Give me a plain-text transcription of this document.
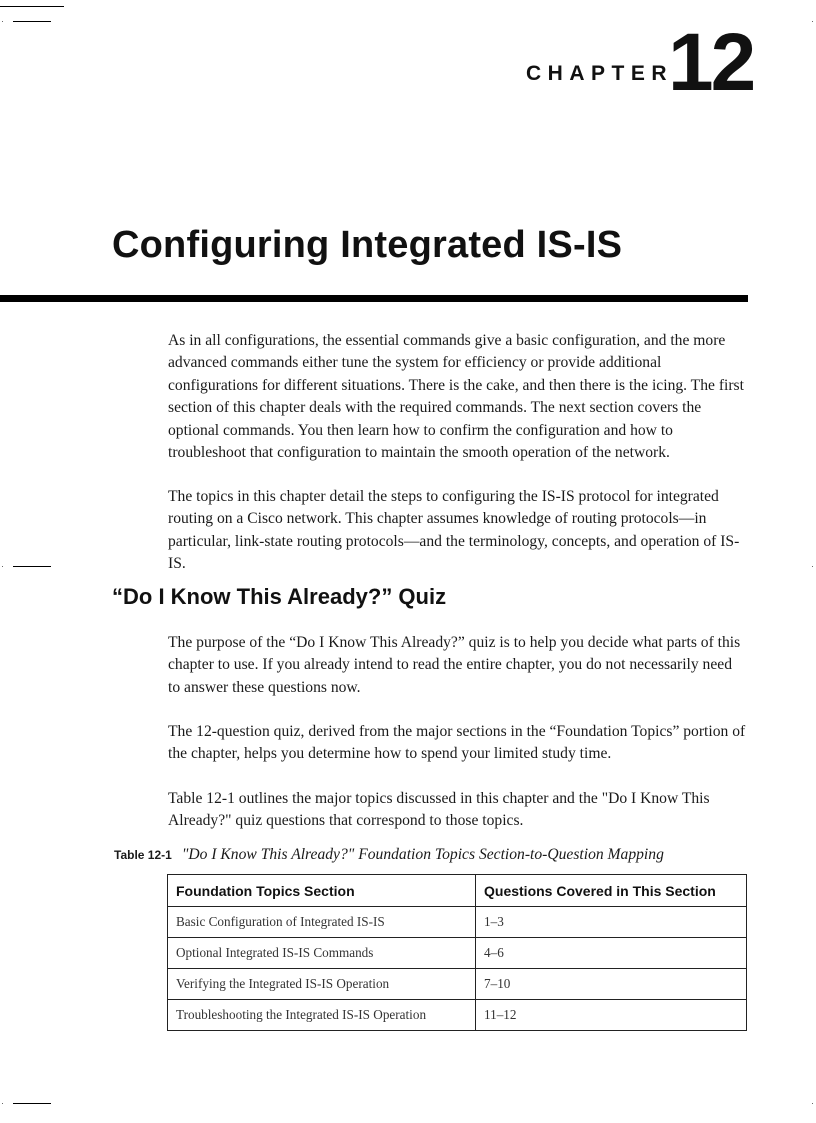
CHAPTER
12
Configuring Integrated IS-IS

As in all configurations, the essential commands give a basic configuration, and the more advanced commands either tune the system for efficiency or provide additional configurations for different situations. There is the cake, and then there is the icing. The first section of this chapter deals with the required commands. The next section covers the optional commands. You then learn how to confirm the configuration and how to troubleshoot that configuration to maintain the smooth operation of the network.

The topics in this chapter detail the steps to configuring the IS-IS protocol for integrated routing on a Cisco network. This chapter assumes knowledge of routing protocols—in particular, link-state routing protocols—and the terminology, concepts, and operation of IS-IS.

“Do I Know This Already?” Quiz

The purpose of the “Do I Know This Already?” quiz is to help you decide what parts of this chapter to use. If you already intend to read the entire chapter, you do not necessarily need to answer these questions now.

The 12-question quiz, derived from the major sections in the “Foundation Topics” portion of the chapter, helps you determine how to spend your limited study time.

Table 12-1 outlines the major topics discussed in this chapter and the "Do I Know This Already?" quiz questions that correspond to those topics.

Table 12-1 "Do I Know This Already?" Foundation Topics Section-to-Question Mapping
Foundation Topics Section	Questions Covered in This Section
Basic Configuration of Integrated IS-IS	1–3
Optional Integrated IS-IS Commands	4–6
Verifying the Integrated IS-IS Operation	7–10
Troubleshooting the Integrated IS-IS Operation	11–12
